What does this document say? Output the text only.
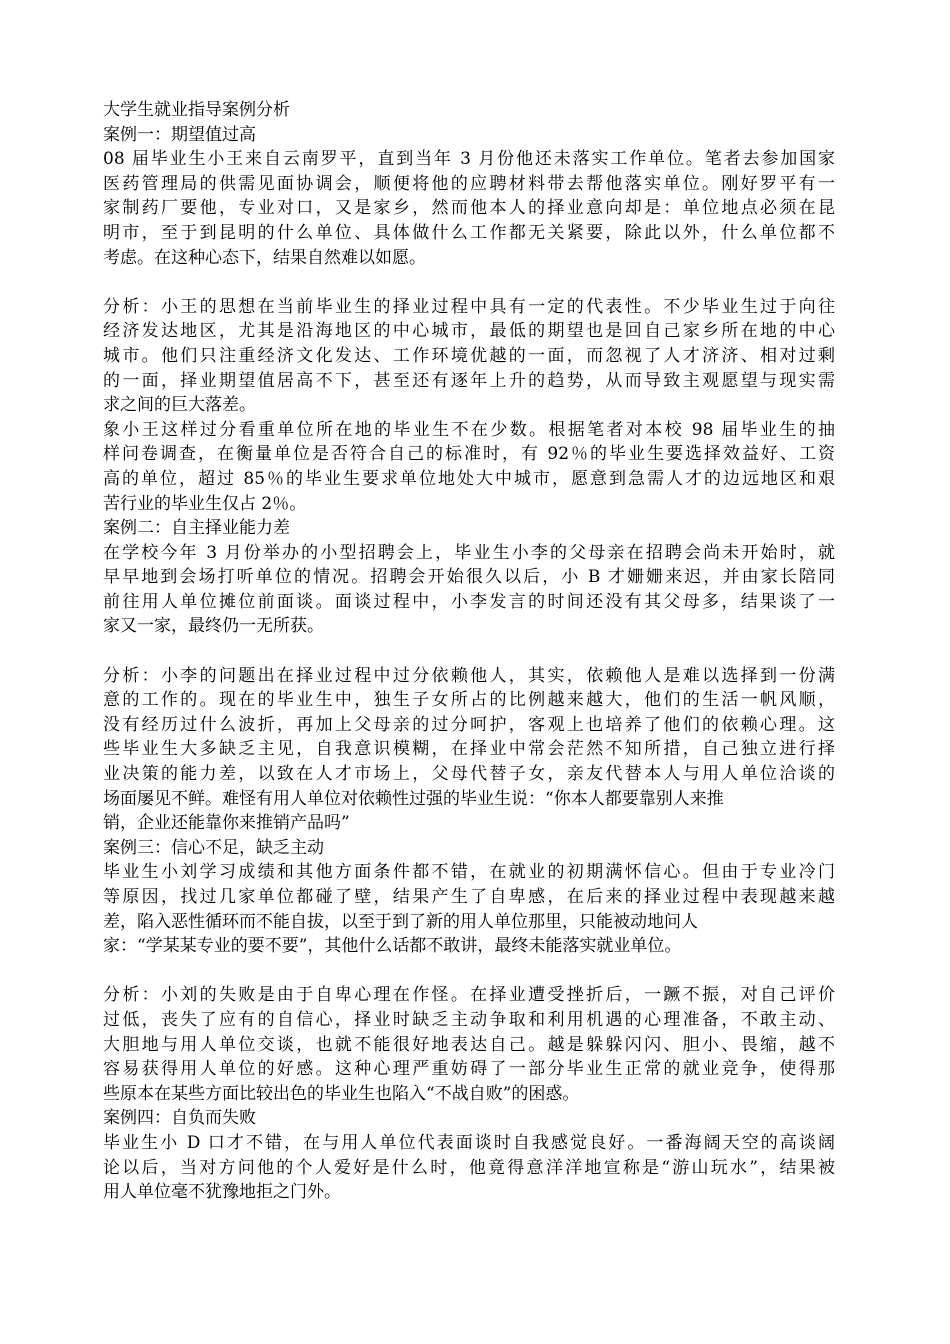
大学生就业指导案例分析
案例一：期望值过高
08 届毕业生小王来自云南罗平，直到当年 3 月份他还未落实工作单位。笔者去参加国家
医药管理局的供需见面协调会，顺便将他的应聘材料带去帮他落实单位。刚好罗平有一
家制药厂要他，专业对口，又是家乡，然而他本人的择业意向却是：单位地点必须在昆
明市，至于到昆明的什么单位、具体做什么工作都无关紧要，除此以外，什么单位都不
考虑。在这种心态下，结果自然难以如愿。
分析：小王的思想在当前毕业生的择业过程中具有一定的代表性。不少毕业生过于向往
经济发达地区，尤其是沿海地区的中心城市，最低的期望也是回自己家乡所在地的中心
城市。他们只注重经济文化发达、工作环境优越的一面，而忽视了人才济济、相对过剩
的一面，择业期望值居高不下，甚至还有逐年上升的趋势，从而导致主观愿望与现实需
求之间的巨大落差。
象小王这样过分看重单位所在地的毕业生不在少数。根据笔者对本校 98 届毕业生的抽
样问卷调查，在衡量单位是否符合自己的标准时，有 92％的毕业生要选择效益好、工资
高的单位，超过 85％的毕业生要求单位地处大中城市，愿意到急需人才的边远地区和艰
苦行业的毕业生仅占 2％。
案例二：自主择业能力差
在学校今年 3 月份举办的小型招聘会上，毕业生小李的父母亲在招聘会尚未开始时，就
早早地到会场打听单位的情况。招聘会开始很久以后，小 B 才姗姗来迟，并由家长陪同
前往用人单位摊位前面谈。面谈过程中，小李发言的时间还没有其父母多，结果谈了一
家又一家，最终仍一无所获。
分析：小李的问题出在择业过程中过分依赖他人，其实，依赖他人是难以选择到一份满
意的工作的。现在的毕业生中，独生子女所占的比例越来越大，他们的生活一帆风顺，
没有经历过什么波折，再加上父母亲的过分呵护，客观上也培养了他们的依赖心理。这
些毕业生大多缺乏主见，自我意识模糊，在择业中常会茫然不知所措，自己独立进行择
业决策的能力差，以致在人才市场上，父母代替子女，亲友代替本人与用人单位洽谈的
场面屡见不鲜。难怪有用人单位对依赖性过强的毕业生说：“你本人都要靠别人来推
销，企业还能靠你来推销产品吗”
案例三：信心不足，缺乏主动
毕业生小刘学习成绩和其他方面条件都不错，在就业的初期满怀信心。但由于专业冷门
等原因，找过几家单位都碰了壁，结果产生了自卑感，在后来的择业过程中表现越来越
差，陷入恶性循环而不能自拔，以至于到了新的用人单位那里，只能被动地问人
家：“学某某专业的要不要”，其他什么话都不敢讲，最终未能落实就业单位。
分析：小刘的失败是由于自卑心理在作怪。在择业遭受挫折后，一蹶不振，对自己评价
过低，丧失了应有的自信心，择业时缺乏主动争取和利用机遇的心理准备，不敢主动、
大胆地与用人单位交谈，也就不能很好地表达自己。越是躲躲闪闪、胆小、畏缩，越不
容易获得用人单位的好感。这种心理严重妨碍了一部分毕业生正常的就业竞争，使得那
些原本在某些方面比较出色的毕业生也陷入“不战自败”的困惑。
案例四：自负而失败
毕业生小 D 口才不错，在与用人单位代表面谈时自我感觉良好。一番海阔天空的高谈阔
论以后，当对方问他的个人爱好是什么时，他竟得意洋洋地宣称是“游山玩水”，结果被
用人单位毫不犹豫地拒之门外。
